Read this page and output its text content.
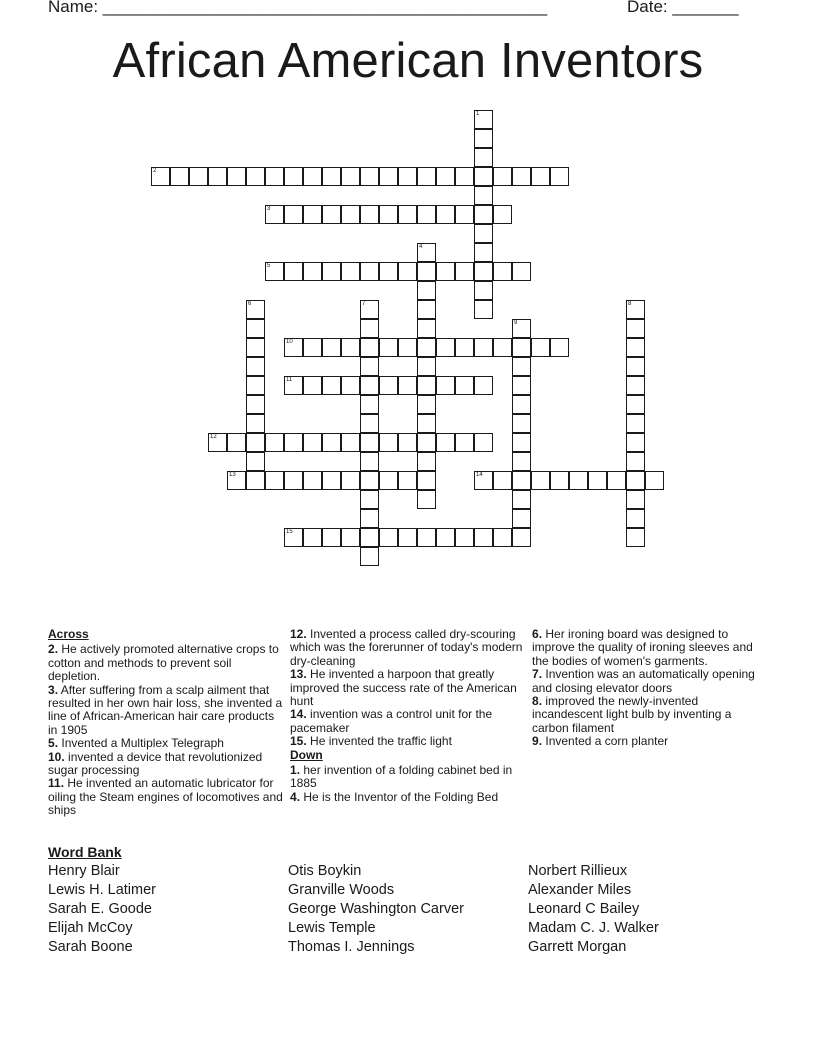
Name: _______________________________________________	Date: _______
African American Inventors
1
2
3
4
5
6	7	8
9
10
11
12
13	14
15
Across
2. He actively promoted alternative crops to cotton and methods to prevent soil depletion.
3. After suffering from a scalp ailment that resulted in her own hair loss, she invented a line of African-American hair care products in 1905
5. Invented a Multiplex Telegraph
10. invented a device that revolutionized sugar processing
11. He invented an automatic lubricator for oiling the Steam engines of locomotives and ships
12. Invented a process called dry-scouring which was the forerunner of today's modern dry-cleaning
13. He invented a harpoon that greatly improved the success rate of the American hunt
14. invention was a control unit for the pacemaker
15. He invented the traffic light
Down
1. her invention of a folding cabinet bed in 1885
4. He is the Inventor of the Folding Bed
6. Her ironing board was designed to improve the quality of ironing sleeves and the bodies of women's garments.
7. Invention was an automatically opening and closing elevator doors
8. improved the newly-invented incandescent light bulb by inventing a carbon filament
9. Invented a corn planter
Word Bank
Henry Blair
Lewis H. Latimer
Sarah E. Goode
Elijah McCoy
Sarah Boone
Otis Boykin
Granville Woods
George Washington Carver
Lewis Temple
Thomas I. Jennings
Norbert Rillieux
Alexander Miles
Leonard C Bailey
Madam C. J. Walker
Garrett Morgan
